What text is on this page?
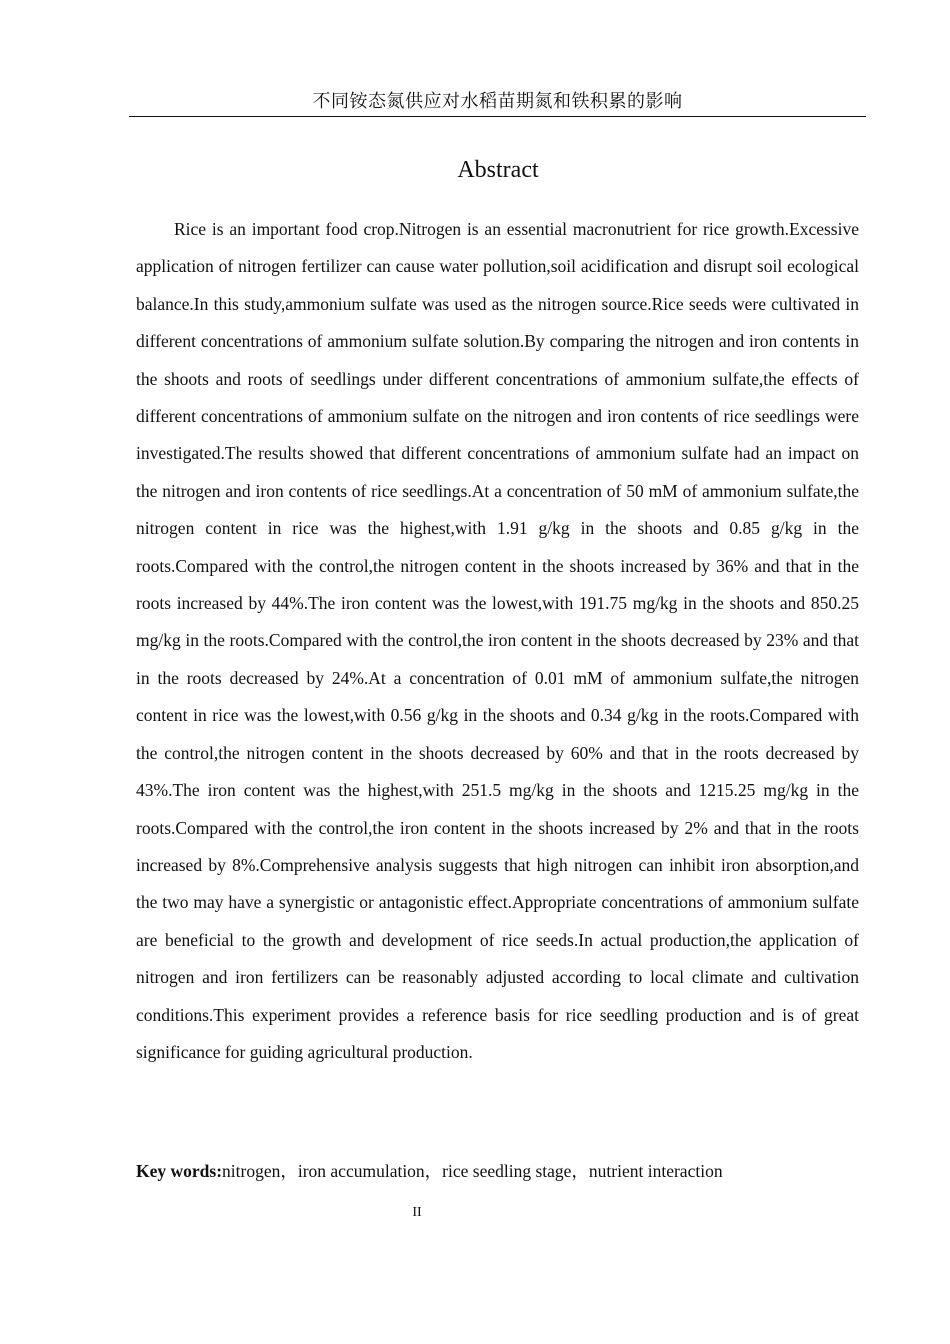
不同铵态氮供应对水稻苗期氮和铁积累的影响
Abstract

Rice is an important food crop.Nitrogen is an essential macronutrient for rice growth.Excessive application of nitrogen fertilizer can cause water pollution,soil acidification and disrupt soil ecological balance.In this study,ammonium sulfate was used as the nitrogen source.Rice seeds were cultivated in different concentrations of ammonium sulfate solution.By comparing the nitrogen and iron contents in the shoots and roots of seedlings under different concentrations of ammonium sulfate,the effects of different concentrations of ammonium sulfate on the nitrogen and iron contents of rice seedlings were investigated.The results showed that different concentrations of ammonium sulfate had an impact on the nitrogen and iron contents of rice seedlings.At a concentration of 50 mM of ammonium sulfate,the nitrogen content in rice was the highest,with 1.91 g/kg in the shoots and 0.85 g/kg in the roots.Compared with the control,the nitrogen content in the shoots increased by 36% and that in the roots increased by 44%.The iron content was the lowest,with 191.75 mg/kg in the shoots and 850.25 mg/kg in the roots.Compared with the control,the iron content in the shoots decreased by 23% and that in the roots decreased by 24%.At a concentration of 0.01 mM of ammonium sulfate,the nitrogen content in rice was the lowest,with 0.56 g/kg in the shoots and 0.34 g/kg in the roots.Compared with the control,the nitrogen content in the shoots decreased by 60% and that in the roots decreased by 43%.The iron content was the highest,with 251.5 mg/kg in the shoots and 1215.25 mg/kg in the roots.Compared with the control,the iron content in the shoots increased by 2% and that in the roots increased by 8%.Comprehensive analysis suggests that high nitrogen can inhibit iron absorption,and the two may have a synergistic or antagonistic effect.Appropriate concentrations of ammonium sulfate are beneficial to the growth and development of rice seeds.In actual production,the application of nitrogen and iron fertilizers can be reasonably adjusted according to local climate and cultivation conditions.This experiment provides a reference basis for rice seedling production and is of great significance for guiding agricultural production.

Key words:nitrogen，iron accumulation，rice seedling stage，nutrient interaction

II
